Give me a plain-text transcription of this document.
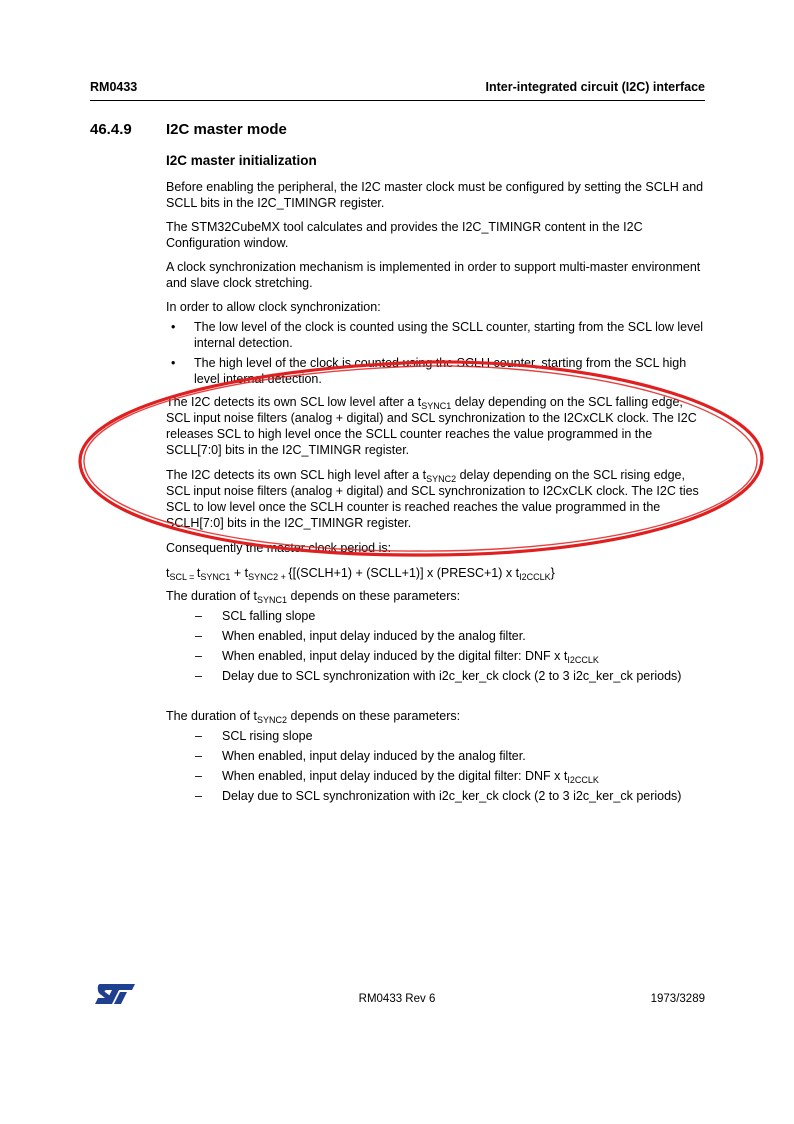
RM0433	Inter-integrated circuit (I2C) interface
46.4.9 I2C master mode
I2C master initialization

Before enabling the peripheral, the I2C master clock must be configured by setting the SCLH and SCLL bits in the I2C_TIMINGR register.

The STM32CubeMX tool calculates and provides the I2C_TIMINGR content in the I2C Configuration window.

A clock synchronization mechanism is implemented in order to support multi-master environment and slave clock stretching.

In order to allow clock synchronization:

• The low level of the clock is counted using the SCLL counter, starting from the SCL low level internal detection.

• The high level of the clock is counted using the SCLH counter, starting from the SCL high level internal detection.

The I2C detects its own SCL low level after a $t_{SYNC1}$ delay depending on the SCL falling edge, SCL input noise filters (analog + digital) and SCL synchronization to the I2CxCLK clock. The I2C releases SCL to high level once the SCLL counter reaches the value programmed in the SCLL[7:0] bits in the I2C_TIMINGR register.

The I2C detects its own SCL high level after a $t_{SYNC2}$ delay depending on the SCL rising edge, SCL input noise filters (analog + digital) and SCL synchronization to I2CxCLK clock. The I2C ties SCL to low level once the SCLH counter is reached reaches the value programmed in the SCLH[7:0] bits in the I2C_TIMINGR register.

Consequently the master clock period is:

$t_{SCL =}$ $t_{SYNC1} + t_{SYNC2 +}$ {[(SCLH+1) + (SCLL+1)] x (PRESC+1) x $t_{I2CCLK}$}

The duration of $t_{SYNC1}$ depends on these parameters:

– SCL falling slope

– When enabled, input delay induced by the analog filter.

– When enabled, input delay induced by the digital filter: DNF x $t_{I2CCLK}$

– Delay due to SCL synchronization with i2c_ker_ck clock (2 to 3 i2c_ker_ck periods)

The duration of $t_{SYNC2}$ depends on these parameters:

– SCL rising slope

– When enabled, input delay induced by the analog filter.

– When enabled, input delay induced by the digital filter: DNF x $t_{I2CCLK}$

– Delay due to SCL synchronization with i2c_ker_ck clock (2 to 3 i2c_ker_ck periods)

RM0433 Rev 6	1973/3289
